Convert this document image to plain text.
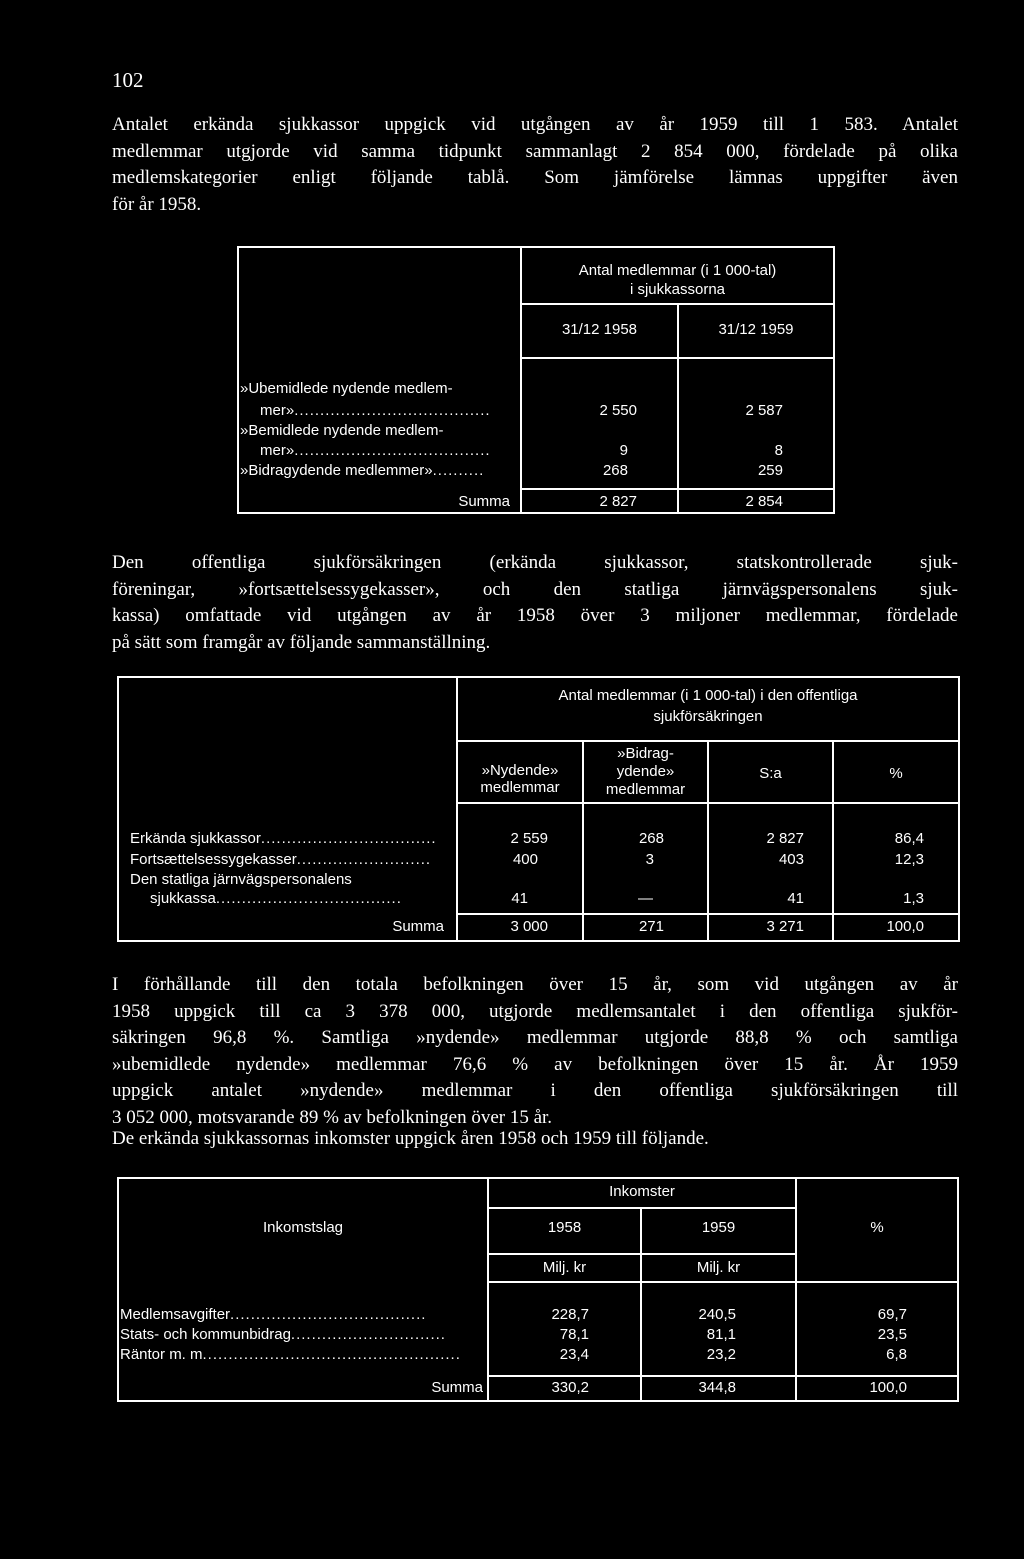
102
Antalet erkända sjukkassor uppgick vid utgången av år 1959 till 1 583. Antalet
medlemmar utgjorde vid samma tidpunkt sammanlagt 2 854 000, fördelade på olika
medlemskategorier enligt följande tablå. Som jämförelse lämnas uppgifter även
för år 1958.
Antal medlemmar (i 1 000-tal)
i sjukkassorna
31/12 1958	31/12 1959
»Ubemidlede nydende medlem-
mer»......................................	2 550	2 587
»Bemidlede nydende medlem-
mer»......................................	9	8
»Bidragydende medlemmer»..........	268	259
Summa	2 827	2 854
Den offentliga sjukförsäkringen (erkända sjukkassor, statskontrollerade sjuk-
föreningar, »fortsættelsessygekasser», och den statliga järnvägspersonalens sjuk-
kassa) omfattade vid utgången av år 1958 över 3 miljoner medlemmar, fördelade
på sätt som framgår av följande sammanställning.
Antal medlemmar (i 1 000-tal) i den offentliga
sjukförsäkringen
»Nydende»
medlemmar
»Bidrag-
ydende»
medlemmar
S:a	%
Erkända sjukkassor..................................	2 559	268	2 827	86,4
Fortsættelsessygekasser..........................	400	3	403	12,3
Den statliga järnvägspersonalens
sjukkassa....................................	41	—	41	1,3
Summa	3 000	271	3 271	100,0
I förhållande till den totala befolkningen över 15 år, som vid utgången av år
1958 uppgick till ca 3 378 000, utgjorde medlemsantalet i den offentliga sjukför-
säkringen 96,8 %. Samtliga »nydende» medlemmar utgjorde 88,8 % och samtliga
»ubemidlede nydende» medlemmar 76,6 % av befolkningen över 15 år. År 1959
uppgick antalet »nydende» medlemmar i den offentliga sjukförsäkringen till
3 052 000, motsvarande 89 % av befolkningen över 15 år.
De erkända sjukkassornas inkomster uppgick åren 1958 och 1959 till följande.
Inkomstslag
Inkomster
1958	1959	%
Milj. kr	Milj. kr
Medlemsavgifter......................................	228,7	240,5	69,7
Stats- och kommunbidrag..............................	78,1	81,1	23,5
Räntor m. m..................................................	23,4	23,2	6,8
Summa	330,2	344,8	100,0
